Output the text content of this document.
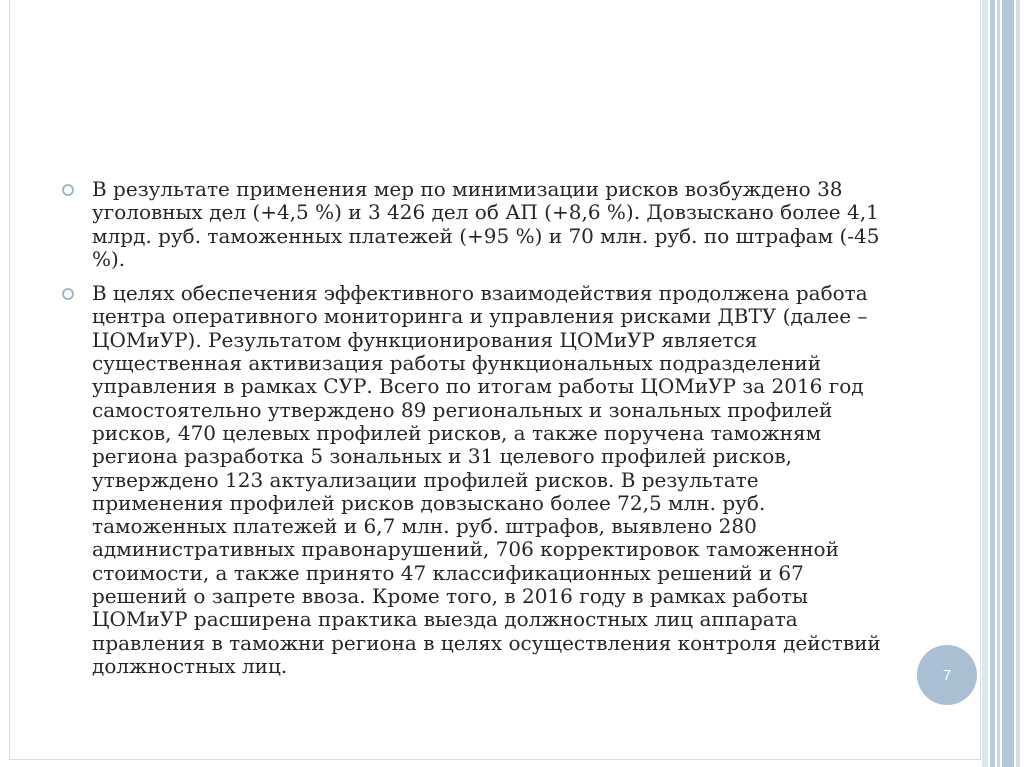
В результате применения мер по минимизации рисков возбуждено 38 уголовных дел (+4,5 %) и 3 426 дел об АП (+8,6 %). Довзыскано более 4,1 млрд. руб. таможенных платежей (+95 %) и 70 млн. руб. по штрафам (-45 %).

В целях обеспечения эффективного взаимодействия продолжена работа центра оперативного мониторинга и управления рисками ДВТУ (далее – ЦОМиУР). Результатом функционирования ЦОМиУР является существенная активизация работы функциональных подразделений управления в рамках СУР. Всего по итогам работы ЦОМиУР за 2016 год самостоятельно утверждено 89 региональных и зональных профилей рисков, 470 целевых профилей рисков, а также поручена таможням региона разработка 5 зональных и 31 целевого профилей рисков, утверждено 123 актуализации профилей рисков. В результате применения профилей рисков довзыскано более 72,5 млн. руб. таможенных платежей и 6,7 млн. руб. штрафов, выявлено 280 административных правонарушений, 706 корректировок таможенной стоимости, а также принято 47 классификационных решений и 67 решений о запрете ввоза. Кроме того, в 2016 году в рамках работы ЦОМиУР расширена практика выезда должностных лиц аппарата правления в таможни региона в целях осуществления контроля действий должностных лиц.	7
